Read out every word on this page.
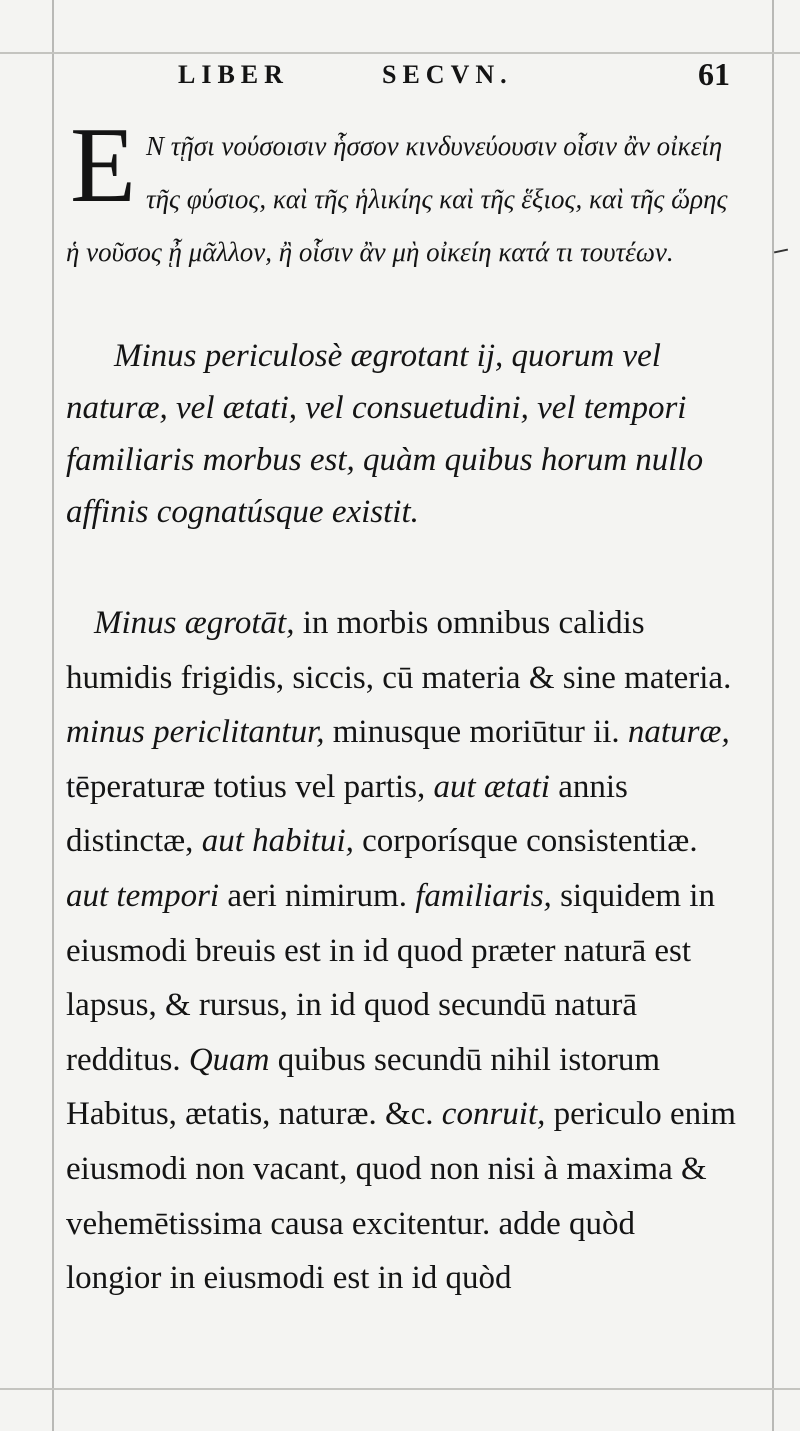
LIBER	SECVN.	61
E Ν τῇσι νούσοισιν ἧσσον κινδυνεύουσιν οἷσιν ἂν οἰκείη τῆς φύσιος, καὶ τῆς ἡλικίης καὶ τῆς ἕξιος, καὶ τῆς ὥρης ἡ νοῦσος ᾖ μᾶλλον, ἢ οἷσιν ἂν μὴ οἰκείη κατά τι τουτέων.
Minus periculosè ægrotant ij, quorum vel naturæ, vel ætati, vel consuetudini, vel tempori familiaris morbus est, quàm quibus horum nullo affinis cognatúsque existit.
Minus ægrotāt, in morbis omnibus calidis humidis frigidis, siccis, cū materia & sine materia. minus periclitantur, minusque moriūtur ii. naturæ, tēperaturæ totius vel partis, aut ætati annis distinctæ, aut habitui, corporísque consistentiæ. aut tempori aeri nimirum. familiaris, siquidem in eiusmodi breuis est in id quod præter naturā est lapsus, & rursus, in id quod secundū naturā redditus. Quam quibus secundū nihil istorum Habitus, ætatis, naturæ. &c. conruit, periculo enim eiusmodi non vacant, quod non nisi à maxima & vehemētissima causa excitentur. adde quòd longior in eiusmodi est in id quòd
